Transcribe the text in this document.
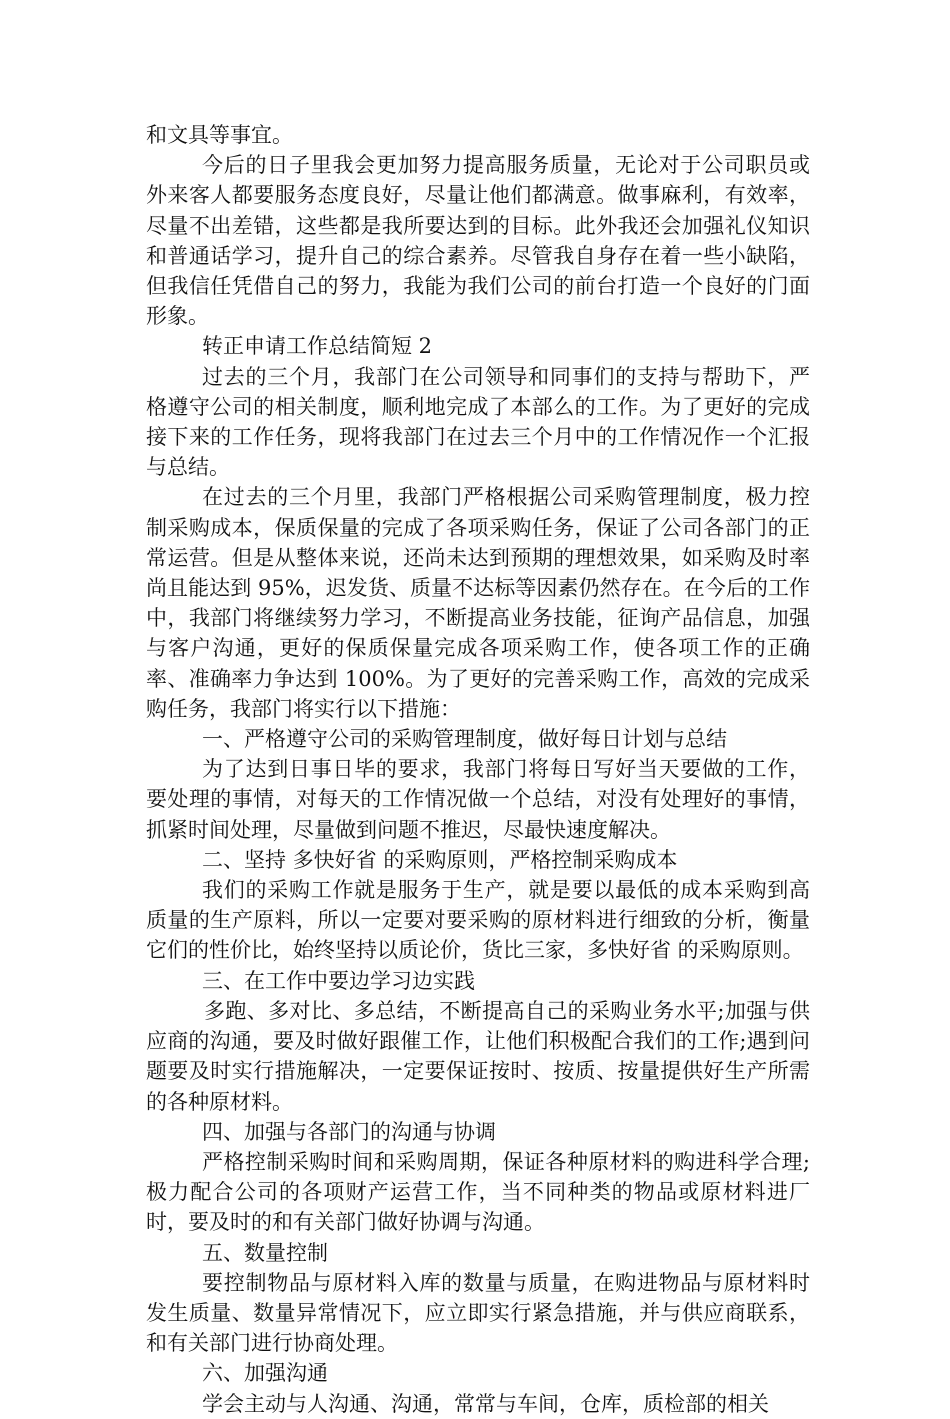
和文具等事宜。

今后的日子里我会更加努力提高服务质量，无论对于公司职员或外来客人都要服务态度良好，尽量让他们都满意。做事麻利，有效率，尽量不出差错，这些都是我所要达到的目标。此外我还会加强礼仪知识和普通话学习，提升自己的综合素养。尽管我自身存在着一些小缺陷，但我信任凭借自己的努力，我能为我们公司的前台打造一个良好的门面形象。

转正申请工作总结简短 2

过去的三个月，我部门在公司领导和同事们的支持与帮助下，严格遵守公司的相关制度，顺利地完成了本部么的工作。为了更好的完成接下来的工作任务，现将我部门在过去三个月中的工作情况作一个汇报与总结。

在过去的三个月里，我部门严格根据公司采购管理制度，极力控制采购成本，保质保量的完成了各项采购任务，保证了公司各部门的正常运营。但是从整体来说，还尚未达到预期的理想效果，如采购及时率尚且能达到 95%，迟发货、质量不达标等因素仍然存在。在今后的工作中，我部门将继续努力学习，不断提高业务技能，征询产品信息，加强与客户沟通，更好的保质保量完成各项采购工作，使各项工作的正确率、准确率力争达到 100%。为了更好的完善采购工作，高效的完成采购任务，我部门将实行以下措施：

一、严格遵守公司的采购管理制度，做好每日计划与总结

为了达到日事日毕的要求，我部门将每日写好当天要做的工作，要处理的事情，对每天的工作情况做一个总结，对没有处理好的事情，抓紧时间处理，尽量做到问题不推迟，尽最快速度解决。

二、坚持 多快好省 的采购原则，严格控制采购成本

我们的采购工作就是服务于生产，就是要以最低的成本采购到高质量的生产原料，所以一定要对要采购的原材料进行细致的分析，衡量它们的性价比，始终坚持以质论价，货比三家，多快好省 的采购原则。

三、在工作中要边学习边实践

多跑、多对比、多总结，不断提高自己的采购业务水平;加强与供应商的沟通，要及时做好跟催工作，让他们积极配合我们的工作;遇到问题要及时实行措施解决，一定要保证按时、按质、按量提供好生产所需的各种原材料。

四、加强与各部门的沟通与协调

严格控制采购时间和采购周期，保证各种原材料的购进科学合理;极力配合公司的各项财产运营工作，当不同种类的物品或原材料进厂时，要及时的和有关部门做好协调与沟通。

五、数量控制

要控制物品与原材料入库的数量与质量，在购进物品与原材料时发生质量、数量异常情况下，应立即实行紧急措施，并与供应商联系，和有关部门进行协商处理。

六、加强沟通

学会主动与人沟通、沟通，常常与车间，仓库，质检部的相关
